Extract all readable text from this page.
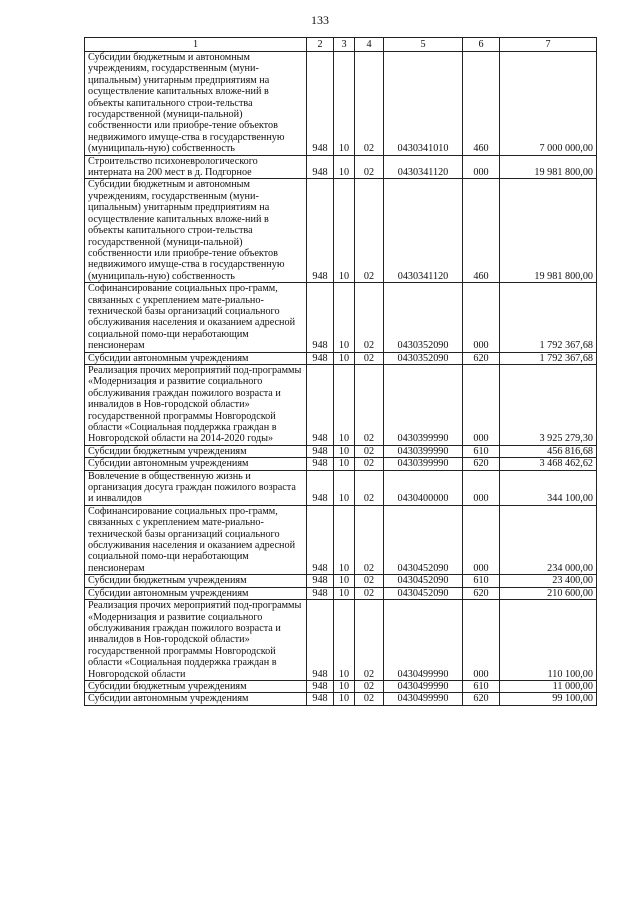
133
1	2	3	4	5	6	7
Субсидии бюджетным и автономным учреждениям, государственным (муни-ципальным) унитарным предприятиям на осуществление капитальных вложе-ний в объекты капитального строи-тельства государственной (муници-пальной) собственности или приобре-тение объектов недвижимого имуще-ства в государственную (муниципаль-ную) собственность	948	10	02	0430341010	460	7 000 000,00
Строительство психоневрологического интерната на 200 мест в д. Подгорное	948	10	02	0430341120	000	19 981 800,00
Субсидии бюджетным и автономным учреждениям, государственным (муни-ципальным) унитарным предприятиям на осуществление капитальных вложе-ний в объекты капитального строи-тельства государственной (муници-пальной) собственности или приобре-тение объектов недвижимого имуще-ства в государственную (муниципаль-ную) собственность	948	10	02	0430341120	460	19 981 800,00
Софинансирование социальных про-грамм, связанных с укреплением мате-риально-технической базы организаций социального обслуживания населения и оказанием адресной социальной помо-щи неработающим пенсионерам	948	10	02	0430352090	000	1 792 367,68
Субсидии автономным учреждениям	948	10	02	0430352090	620	1 792 367,68
Реализация прочих мероприятий под-программы «Модернизация и развитие социального обслуживания граждан пожилого возраста и инвалидов в Нов-городской области» государственной программы Новгородской области «Социальная поддержка граждан в Новгородской области на 2014-2020 годы»	948	10	02	0430399990	000	3 925 279,30
Субсидии бюджетным учреждениям	948	10	02	0430399990	610	456 816,68
Субсидии автономным учреждениям	948	10	02	0430399990	620	3 468 462,62
Вовлечение в общественную жизнь и организация досуга граждан пожилого возраста и инвалидов	948	10	02	0430400000	000	344 100,00
Софинансирование социальных про-грамм, связанных с укреплением мате-риально-технической базы организаций социального обслуживания населения и оказанием адресной социальной помо-щи неработающим пенсионерам	948	10	02	0430452090	000	234 000,00
Субсидии бюджетным учреждениям	948	10	02	0430452090	610	23 400,00
Субсидии автономным учреждениям	948	10	02	0430452090	620	210 600,00
Реализация прочих мероприятий под-программы «Модернизация и развитие социального обслуживания граждан пожилого возраста и инвалидов в Нов-городской области» государственной программы Новгородской области «Социальная поддержка граждан в Новгородской области	948	10	02	0430499990	000	110 100,00
Субсидии бюджетным учреждениям	948	10	02	0430499990	610	11 000,00
Субсидии автономным учреждениям	948	10	02	0430499990	620	99 100,00
